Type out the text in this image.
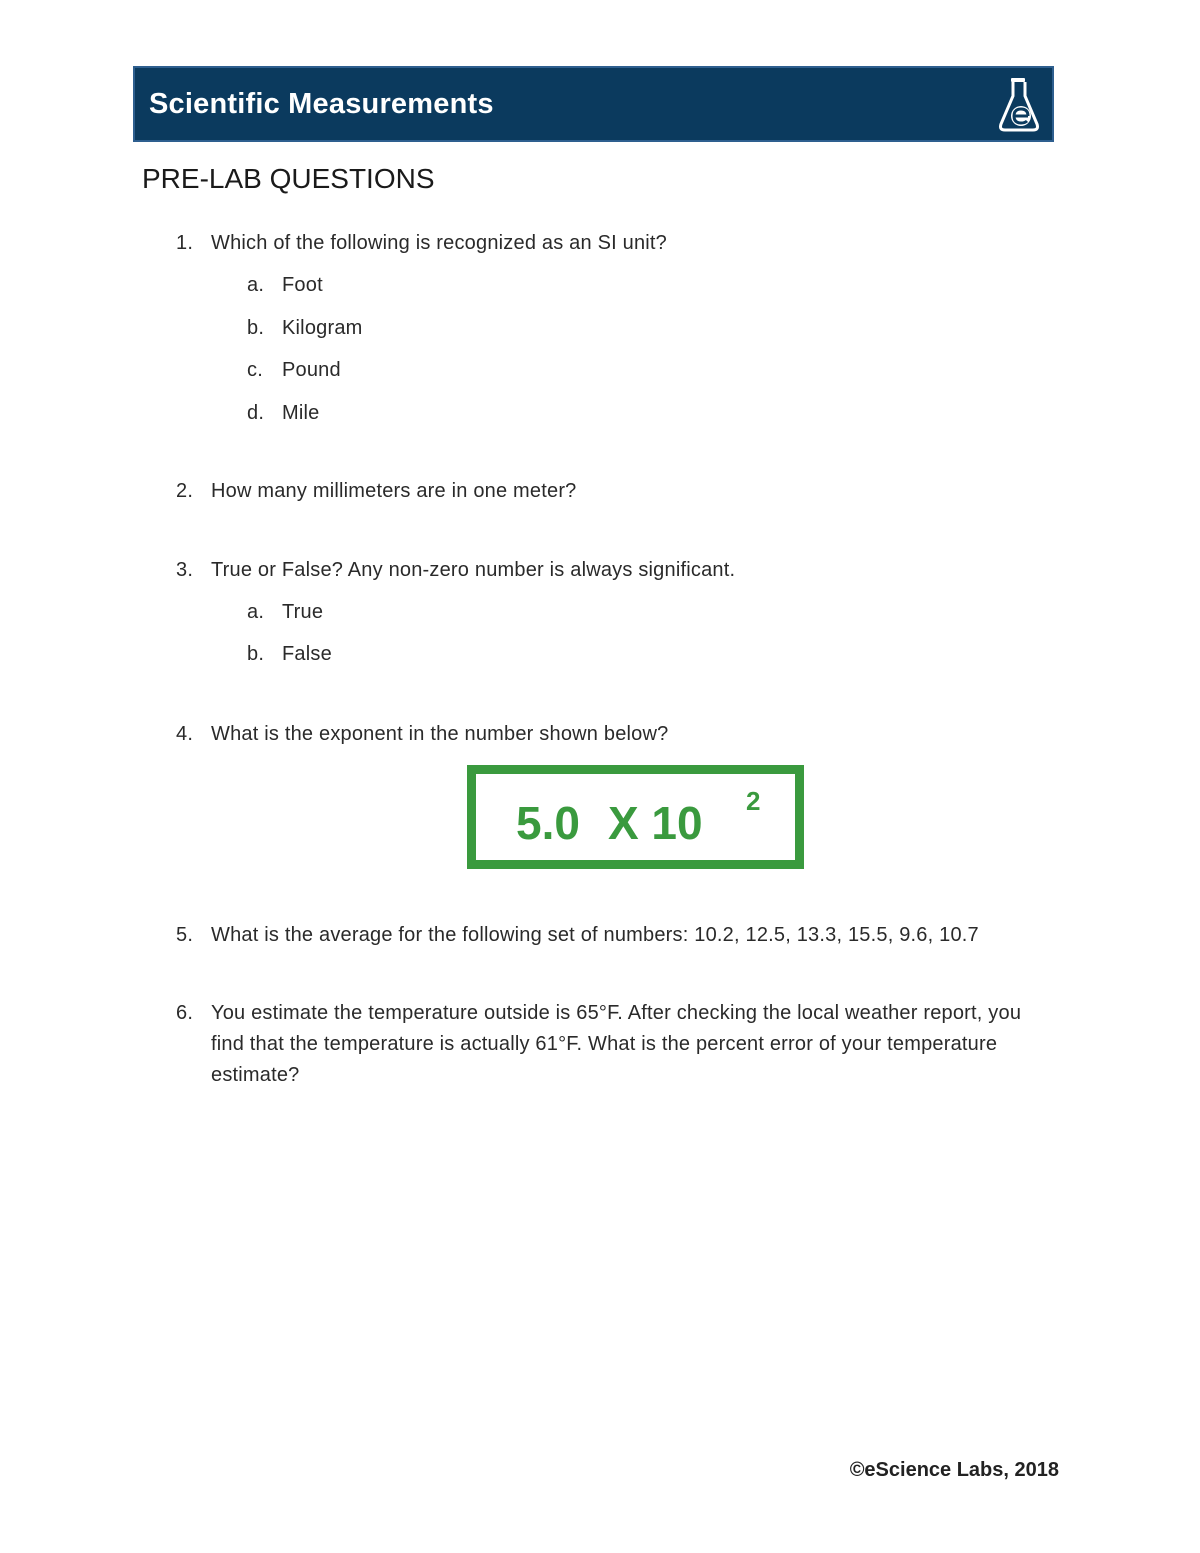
Scientific Measurements
PRE-LAB QUESTIONS
1. Which of the following is recognized as an SI unit?
a. Foot
b. Kilogram
c. Pound
d. Mile
2. How many millimeters are in one meter?
3. True or False? Any non-zero number is always significant.
a. True
b. False
4. What is the exponent in the number shown below?
5.0 X 10 2
5. What is the average for the following set of numbers: 10.2, 12.5, 13.3, 15.5, 9.6, 10.7
6. You estimate the temperature outside is 65°F. After checking the local weather report, you find that the temperature is actually 61°F. What is the percent error of your temperature estimate?
©eScience Labs, 2018
